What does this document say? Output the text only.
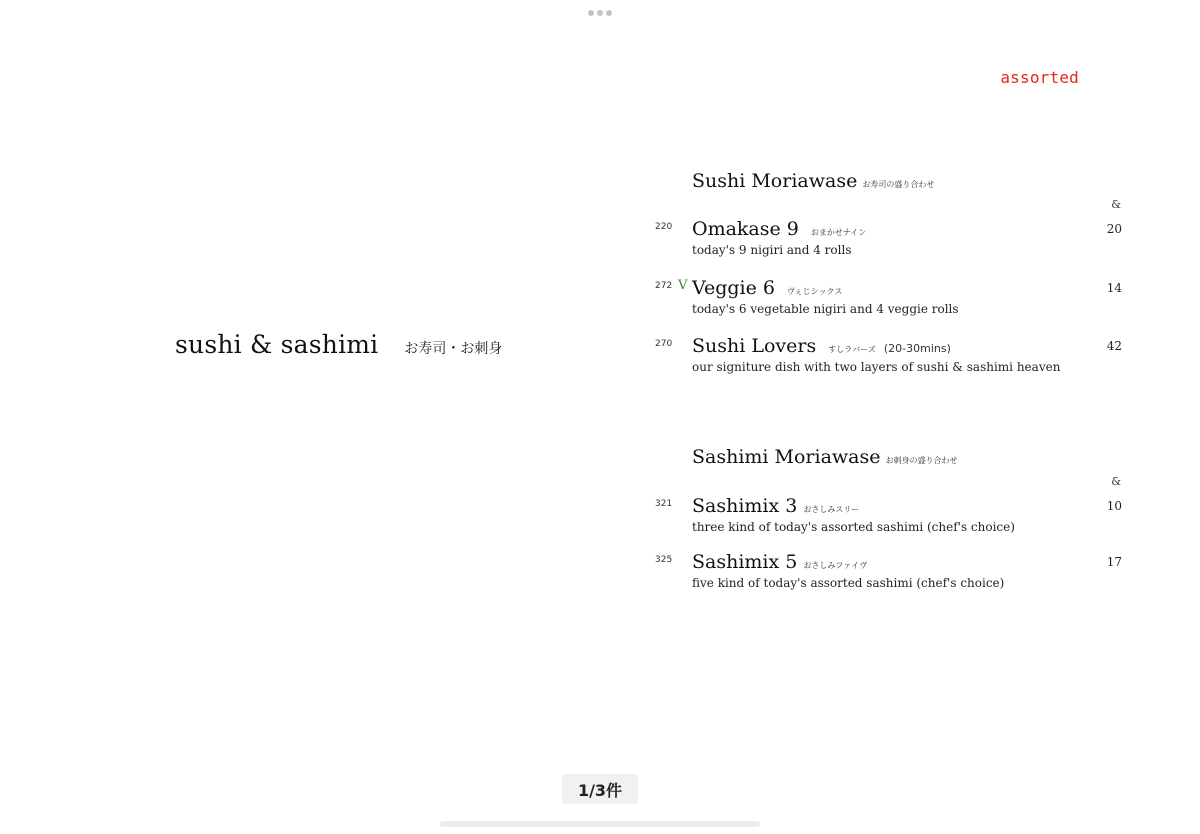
assorted
sushi & sashimi お寿司・お刺身
Sushi Moriawase お寿司の盛り合わせ
&
220 Omakase 9 おまかせナイン
today's 9 nigiri and 4 rolls
20
272 V Veggie 6 ヴぇじシックス
today's 6 vegetable nigiri and 4 veggie rolls
14
270 Sushi Lovers すしラバーズ (20-30mins)
our signiture dish with two layers of sushi & sashimi heaven
42
Sashimi Moriawase お刺身の盛り合わせ
&
321 Sashimix 3 おさしみスリー
three kind of today's assorted sashimi (chef's choice)
10
325 Sashimix 5 おさしみファイヴ
five kind of today's assorted sashimi (chef's choice)
17
1/3件
